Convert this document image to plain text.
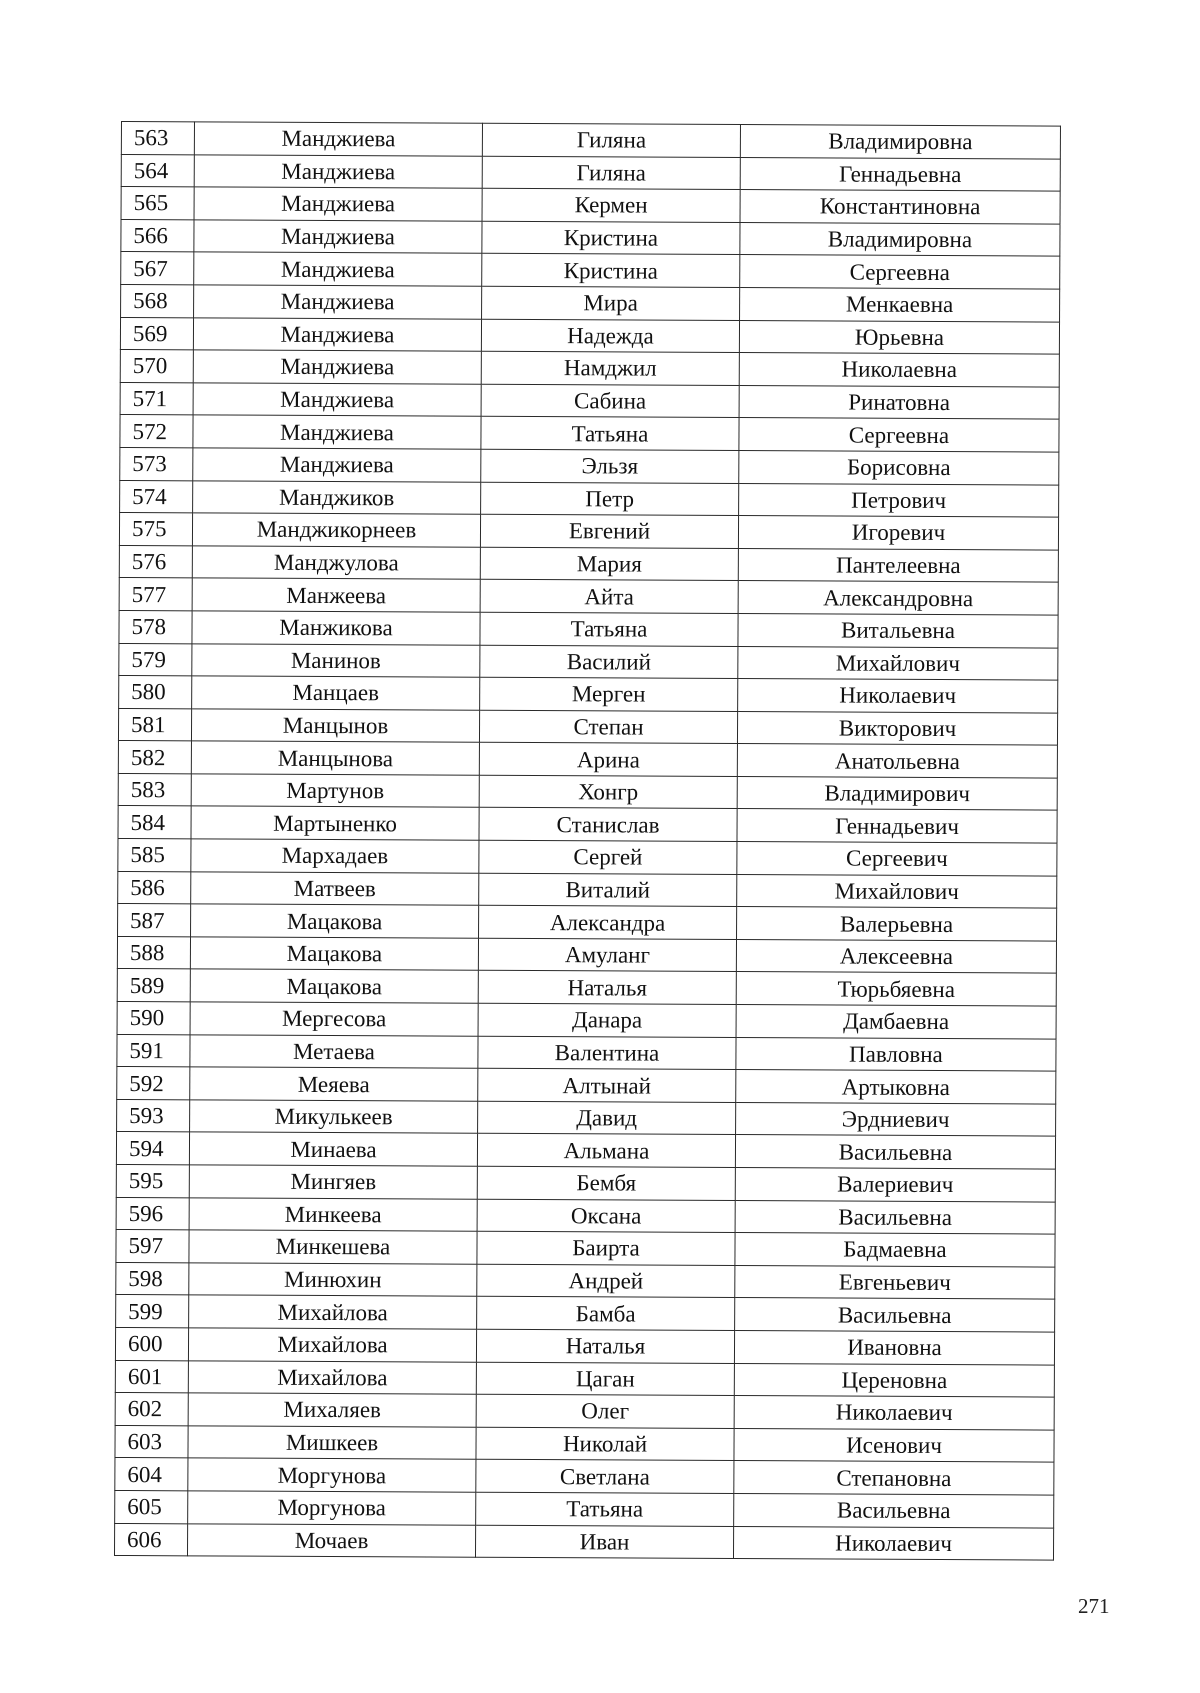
563	Манджиева	Гиляна	Владимировна
564	Манджиева	Гиляна	Геннадьевна
565	Манджиева	Кермен	Константиновна
566	Манджиева	Кристина	Владимировна
567	Манджиева	Кристина	Сергеевна
568	Манджиева	Мира	Менкаевна
569	Манджиева	Надежда	Юрьевна
570	Манджиева	Намджил	Николаевна
571	Манджиева	Сабина	Ринатовна
572	Манджиева	Татьяна	Сергеевна
573	Манджиева	Эльзя	Борисовна
574	Манджиков	Петр	Петрович
575	Манджикорнеев	Евгений	Игоревич
576	Манджулова	Мария	Пантелеевна
577	Манжеева	Айта	Александровна
578	Манжикова	Татьяна	Витальевна
579	Манинов	Василий	Михайлович
580	Манцаев	Мерген	Николаевич
581	Манцынов	Степан	Викторович
582	Манцынова	Арина	Анатольевна
583	Мартунов	Хонгр	Владимирович
584	Мартыненко	Станислав	Геннадьевич
585	Мархадаев	Сергей	Сергеевич
586	Матвеев	Виталий	Михайлович
587	Мацакова	Александра	Валерьевна
588	Мацакова	Амуланг	Алексеевна
589	Мацакова	Наталья	Тюрьбяевна
590	Мергесова	Данара	Дамбаевна
591	Метаева	Валентина	Павловна
592	Меяева	Алтынай	Артыковна
593	Микулькеев	Давид	Эрдниевич
594	Минаева	Альмана	Васильевна
595	Мингяев	Бембя	Валериевич
596	Минкеева	Оксана	Васильевна
597	Минкешева	Баирта	Бадмаевна
598	Минюхин	Андрей	Евгеньевич
599	Михайлова	Бамба	Васильевна
600	Михайлова	Наталья	Ивановна
601	Михайлова	Цаган	Цереновна
602	Михаляев	Олег	Николаевич
603	Мишкеев	Николай	Исенович
604	Моргунова	Светлана	Степановна
605	Моргунова	Татьяна	Васильевна
606	Мочаев	Иван	Николаевич
271
